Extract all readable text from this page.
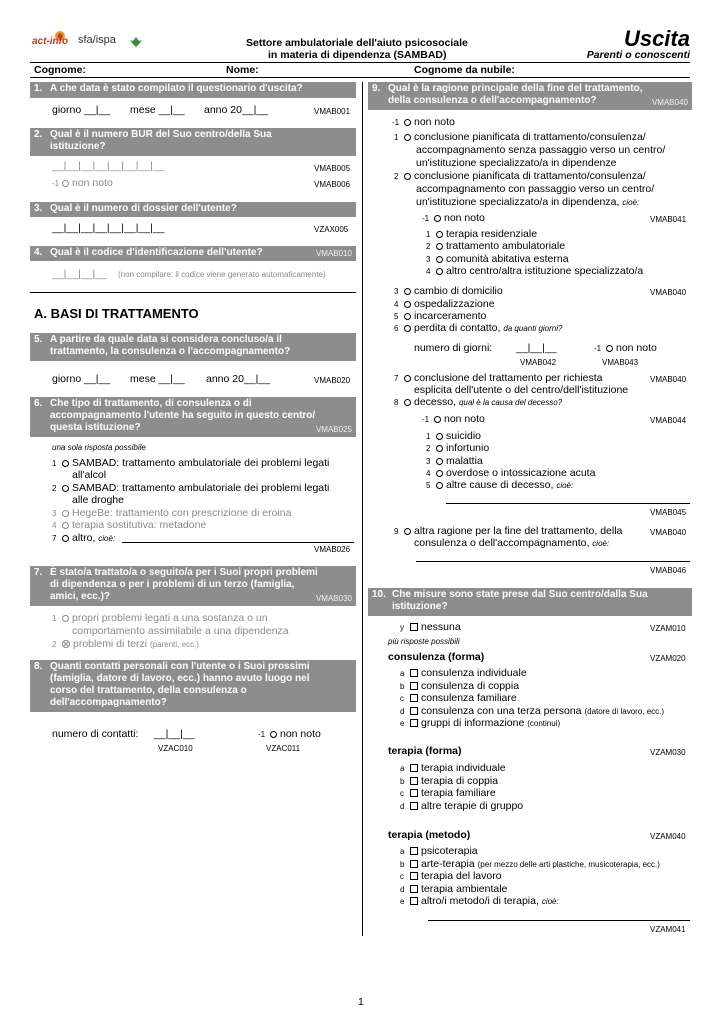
act-info sfa/ispa	Settore ambulatoriale dell'aiuto psicosociale
in materia di dipendenza (SAMBAD)
Uscita
Parenti o conoscenti
Cognome:	Nome:	Cognome da nubile:
1. A che data è stato compilato il questionario d'uscita?
giorno __|__ mese __|__ anno 20__|__	VMAB001
2. Qual è il numero BUR del Suo centro/della Sua
istituzione?
__|__|__|__|__|__|__|__	VMAB005
-1 non noto	VMAB006
3. Qual è il numero di dossier dell'utente?
__|__|__|__|__|__|__|__	VZAX005
4. Qual è il codice d'identificazione dell'utente?	VMAB010
__|__|__|__ (non compilare: il codice viene generato automaticamente)
A. BASI DI TRATTAMENTO
5. A partire da quale data si considera concluso/a il
trattamento, la consulenza o l'accompagnamento?
giorno __|__ mese __|__ anno 20__|__	VMAB020
6. Che tipo di trattamento, di consulenza o di
accompagnamento l'utente ha seguito in questo centro/
questa istituzione?	VMAB025
una sola risposta possibile
1 SAMBAD: trattamento ambulatoriale dei problemi legati
all'alcol
2 SAMBAD: trattamento ambulatoriale dei problemi legati
alle droghe
3 HegeBe: trattamento con prescrizione di eroina
4 terapia sostitutiva: metadone
7 altro, cioè:
VMAB026
7. È stato/a trattato/a o seguito/a per i Suoi propri problemi
di dipendenza o per i problemi di un terzo (famiglia,
amici, ecc.)?	VMAB030
1 propri problemi legati a una sostanza o un
comportamento assimilabile a una dipendenza
2 problemi di terzi (parenti, ecc.)
8. Quanti contatti personali con l'utente o i Suoi prossimi
(famiglia, datore di lavoro, ecc.) hanno avuto luogo nel
corso del trattamento, della consulenza o
dell'accompagnamento?
numero di contatti: __|__|__	-1 non noto
VZAC010	VZAC011
9. Qual è la ragione principale della fine del trattamento,
della consulenza o dell'accompagnamento?	VMAB040
-1 non noto
1 conclusione pianificata di trattamento/consulenza/
accompagnamento senza passaggio verso un centro/
un'istituzione specializzato/a in dipendenze
2 conclusione pianificata di trattamento/consulenza/
accompagnamento con passaggio verso un centro/
un'istituzione specializzato/a in dipendenza, cioè:
-1 non noto	VMAB041
1 terapia residenziale
2 trattamento ambulatoriale
3 comunità abitativa esterna
4 altro centro/altra istituzione specializzato/a
3 cambio di domicilio	VMAB040
4 ospedalizzazione
5 incarceramento
6 perdita di contatto, da quanti giorni?
numero di giorni: __|__|__	-1 non noto
VMAB042	VMAB043
7 conclusione del trattamento per richiesta	VMAB040
esplicita dell'utente o del centro/dell'istituzione
8 decesso, qual è la causa del decesso?
-1 non noto	VMAB044
1 suicidio
2 infortunio
3 malattia
4 overdose o intossicazione acuta
5 altre cause di decesso, cioè:
VMAB045
9 altra ragione per la fine del trattamento, della	VMAB040
consulenza o dell'accompagnamento, cioè:
VMAB046
10. Che misure sono state prese dal Suo centro/dalla Sua
istituzione?
y nessuna	VZAM010
più risposte possibili
consulenza (forma)	VZAM020
a consulenza individuale
b consulenza di coppia
c consulenza familiare
d consulenza con una terza persona (datore di lavoro, ecc.)
e gruppi di informazione (continui)
terapia (forma)	VZAM030
a terapia individuale
b terapia di coppia
c terapia familiare
d altre terapie di gruppo
terapia (metodo)	VZAM040
a psicoterapia
b arte-terapia (per mezzo delle arti plastiche, musicoterapia, ecc.)
c terapia del lavoro
d terapia ambientale
e altro/i metodo/i di terapia, cioè:
VZAM041
1
